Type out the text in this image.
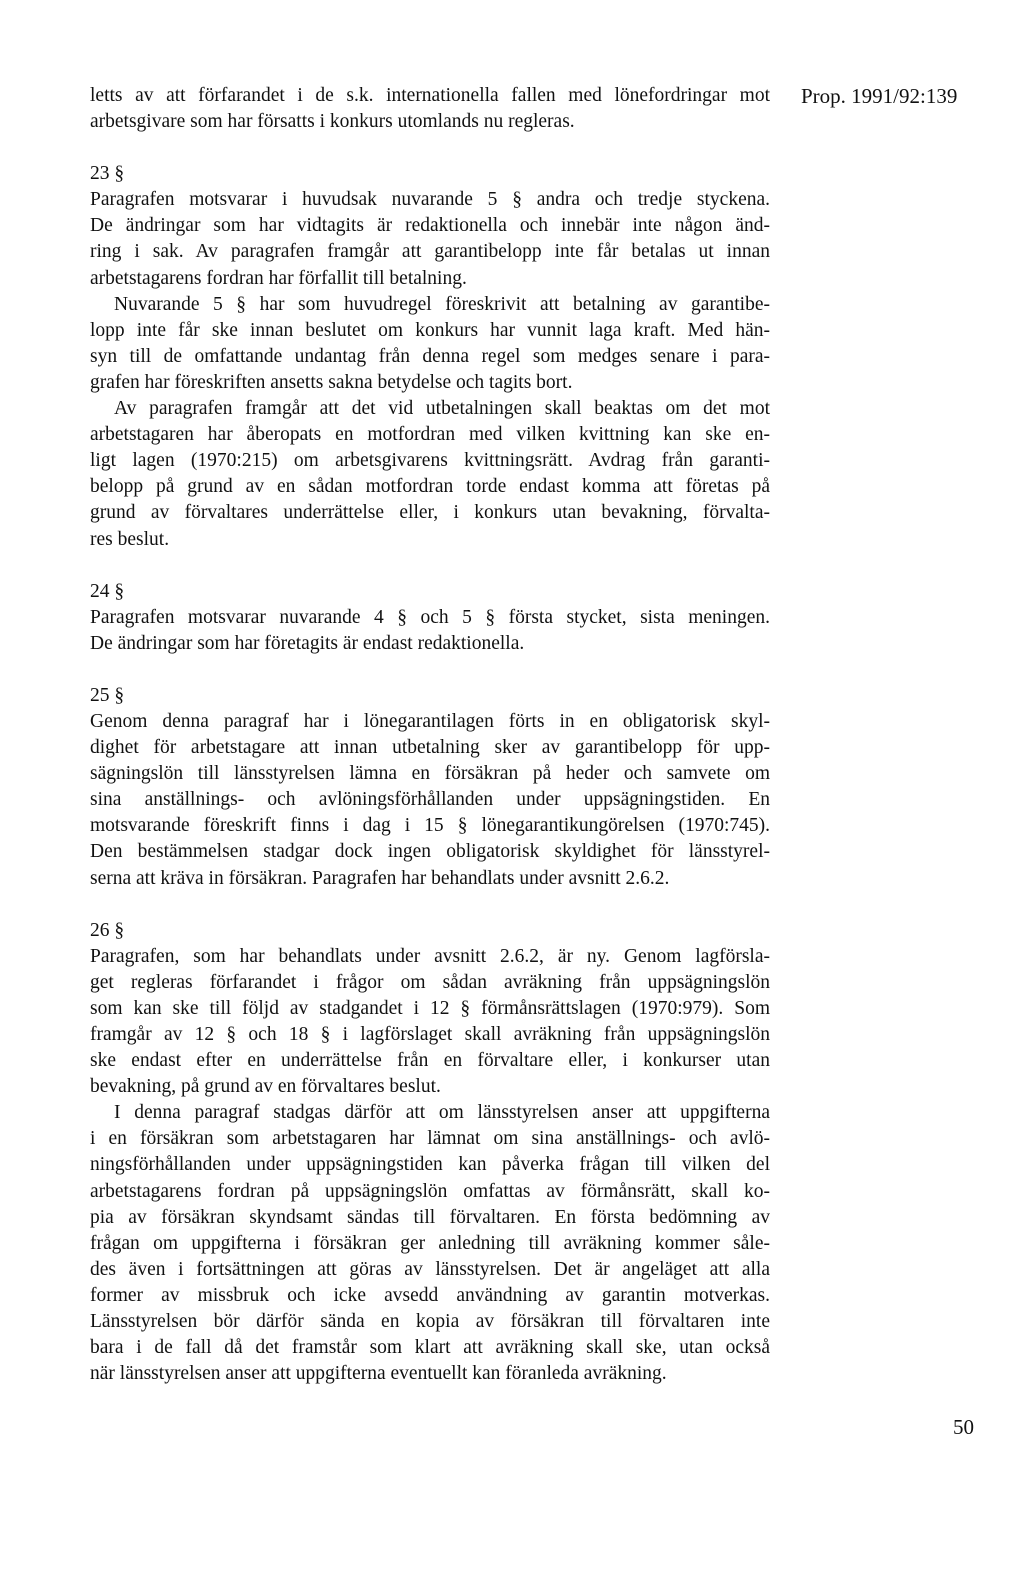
Prop. 1991/92:139
letts av att förfarandet i de s.k. internationella fallen med lönefordringar mot
arbetsgivare som har försatts i konkurs utomlands nu regleras.
23 §
Paragrafen motsvarar i huvudsak nuvarande 5 § andra och tredje styckena.
De ändringar som har vidtagits är redaktionella och innebär inte någon änd-
ring i sak. Av paragrafen framgår att garantibelopp inte får betalas ut innan
arbetstagarens fordran har förfallit till betalning.
Nuvarande 5 § har som huvudregel föreskrivit att betalning av garantibe-
lopp inte får ske innan beslutet om konkurs har vunnit laga kraft. Med hän-
syn till de omfattande undantag från denna regel som medges senare i para-
grafen har föreskriften ansetts sakna betydelse och tagits bort.
Av paragrafen framgår att det vid utbetalningen skall beaktas om det mot
arbetstagaren har åberopats en motfordran med vilken kvittning kan ske en-
ligt lagen (1970:215) om arbetsgivarens kvittningsrätt. Avdrag från garanti-
belopp på grund av en sådan motfordran torde endast komma att företas på
grund av förvaltares underrättelse eller, i konkurs utan bevakning, förvalta-
res beslut.
24 §
Paragrafen motsvarar nuvarande 4 § och 5 § första stycket, sista meningen.
De ändringar som har företagits är endast redaktionella.
25 §
Genom denna paragraf har i lönegarantilagen förts in en obligatorisk skyl-
dighet för arbetstagare att innan utbetalning sker av garantibelopp för upp-
sägningslön till länsstyrelsen lämna en försäkran på heder och samvete om
sina anställnings- och avlöningsförhållanden under uppsägningstiden. En
motsvarande föreskrift finns i dag i 15 § lönegarantikungörelsen (1970:745).
Den bestämmelsen stadgar dock ingen obligatorisk skyldighet för länsstyrel-
serna att kräva in försäkran. Paragrafen har behandlats under avsnitt 2.6.2.
26 §
Paragrafen, som har behandlats under avsnitt 2.6.2, är ny. Genom lagförsla-
get regleras förfarandet i frågor om sådan avräkning från uppsägningslön
som kan ske till följd av stadgandet i 12 § förmånsrättslagen (1970:979). Som
framgår av 12 § och 18 § i lagförslaget skall avräkning från uppsägningslön
ske endast efter en underrättelse från en förvaltare eller, i konkurser utan
bevakning, på grund av en förvaltares beslut.
I denna paragraf stadgas därför att om länsstyrelsen anser att uppgifterna
i en försäkran som arbetstagaren har lämnat om sina anställnings- och avlö-
ningsförhållanden under uppsägningstiden kan påverka frågan till vilken del
arbetstagarens fordran på uppsägningslön omfattas av förmånsrätt, skall ko-
pia av försäkran skyndsamt sändas till förvaltaren. En första bedömning av
frågan om uppgifterna i försäkran ger anledning till avräkning kommer såle-
des även i fortsättningen att göras av länsstyrelsen. Det är angeläget att alla
former av missbruk och icke avsedd användning av garantin motverkas.
Länsstyrelsen bör därför sända en kopia av försäkran till förvaltaren inte
bara i de fall då det framstår som klart att avräkning skall ske, utan också
när länsstyrelsen anser att uppgifterna eventuellt kan föranleda avräkning.
50
